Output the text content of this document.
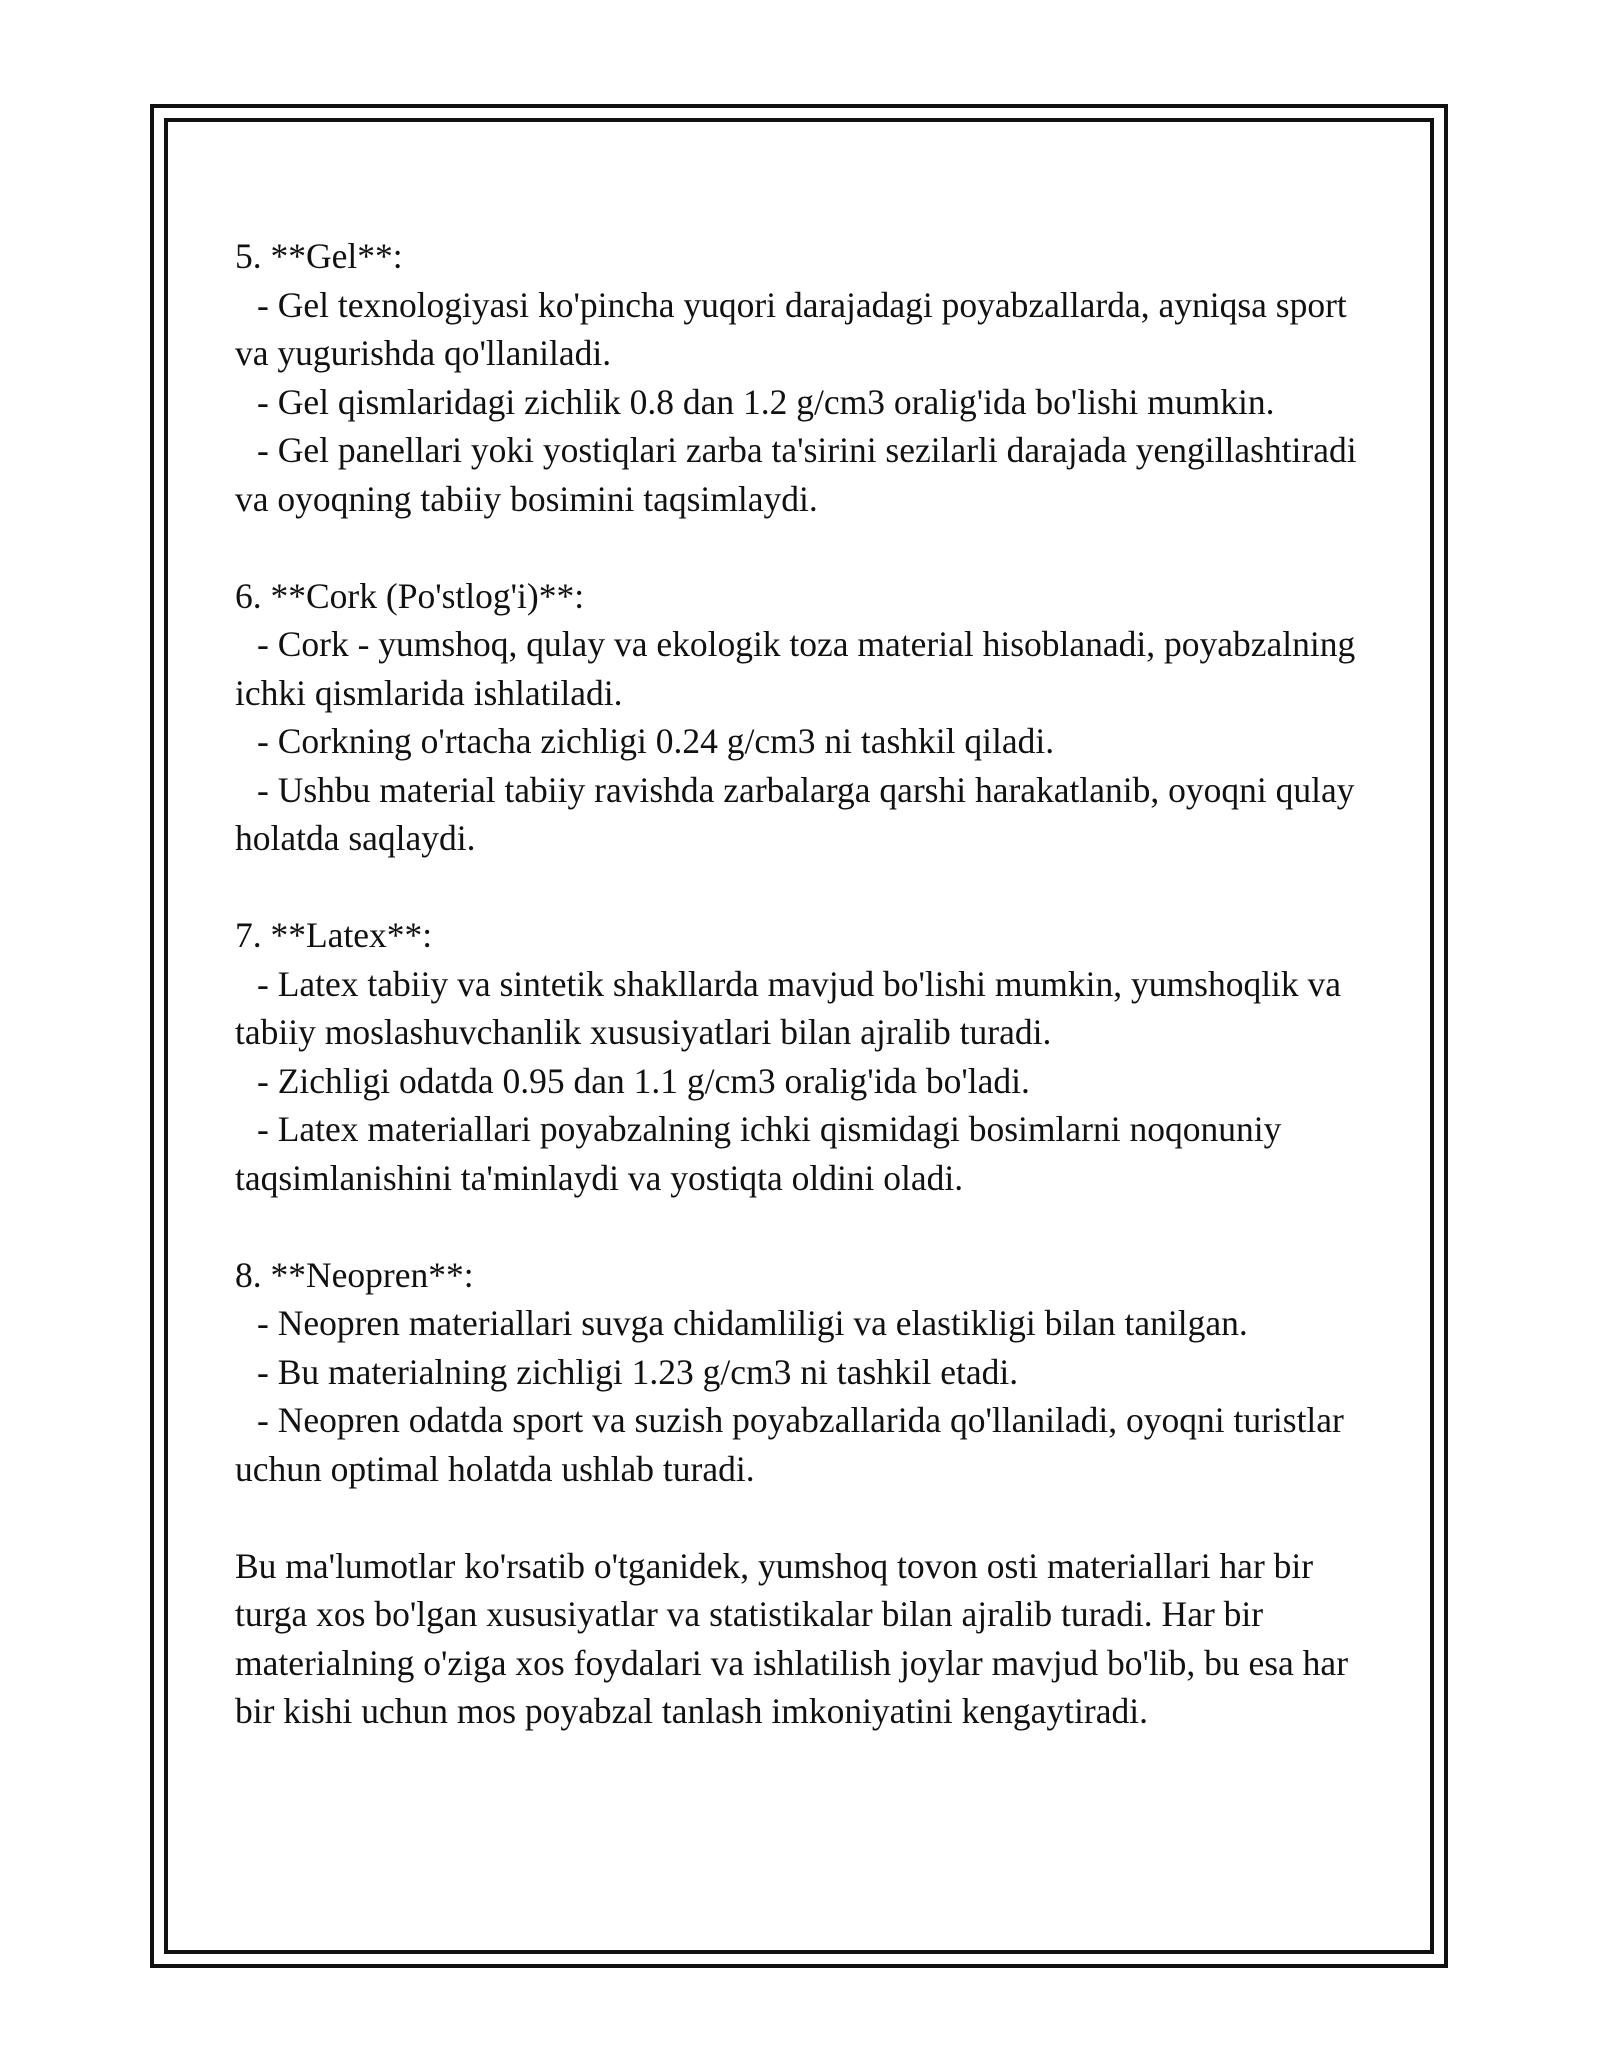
5. **Gel**:

- Gel texnologiyasi ko'pincha yuqori darajadagi poyabzallarda, ayniqsa sport va yugurishda qo'llaniladi.

- Gel qismlaridagi zichlik 0.8 dan 1.2 g/cm3 oralig'ida bo'lishi mumkin.

- Gel panellari yoki yostiqlari zarba ta'sirini sezilarli darajada yengillashtiradi va oyoqning tabiiy bosimini taqsimlaydi.

6. **Cork (Po'stlog'i)**:

- Cork - yumshoq, qulay va ekologik toza material hisoblanadi, poyabzalning ichki qismlarida ishlatiladi.

- Corkning o'rtacha zichligi 0.24 g/cm3 ni tashkil qiladi.

- Ushbu material tabiiy ravishda zarbalarga qarshi harakatlanib, oyoqni qulay holatda saqlaydi.

7. **Latex**:

- Latex tabiiy va sintetik shakllarda mavjud bo'lishi mumkin, yumshoqlik va tabiiy moslashuvchanlik xususiyatlari bilan ajralib turadi.

- Zichligi odatda 0.95 dan 1.1 g/cm3 oralig'ida bo'ladi.

- Latex materiallari poyabzalning ichki qismidagi bosimlarni noqonuniy taqsimlanishini ta'minlaydi va yostiqta oldini oladi.

8. **Neopren**:

- Neopren materiallari suvga chidamliligi va elastikligi bilan tanilgan.

- Bu materialning zichligi 1.23 g/cm3 ni tashkil etadi.

- Neopren odatda sport va suzish poyabzallarida qo'llaniladi, oyoqni turistlar uchun optimal holatda ushlab turadi.

Bu ma'lumotlar ko'rsatib o'tganidek, yumshoq tovon osti materiallari har bir turga xos bo'lgan xususiyatlar va statistikalar bilan ajralib turadi. Har bir materialning o'ziga xos foydalari va ishlatilish joylar mavjud bo'lib, bu esa har bir kishi uchun mos poyabzal tanlash imkoniyatini kengaytiradi.
